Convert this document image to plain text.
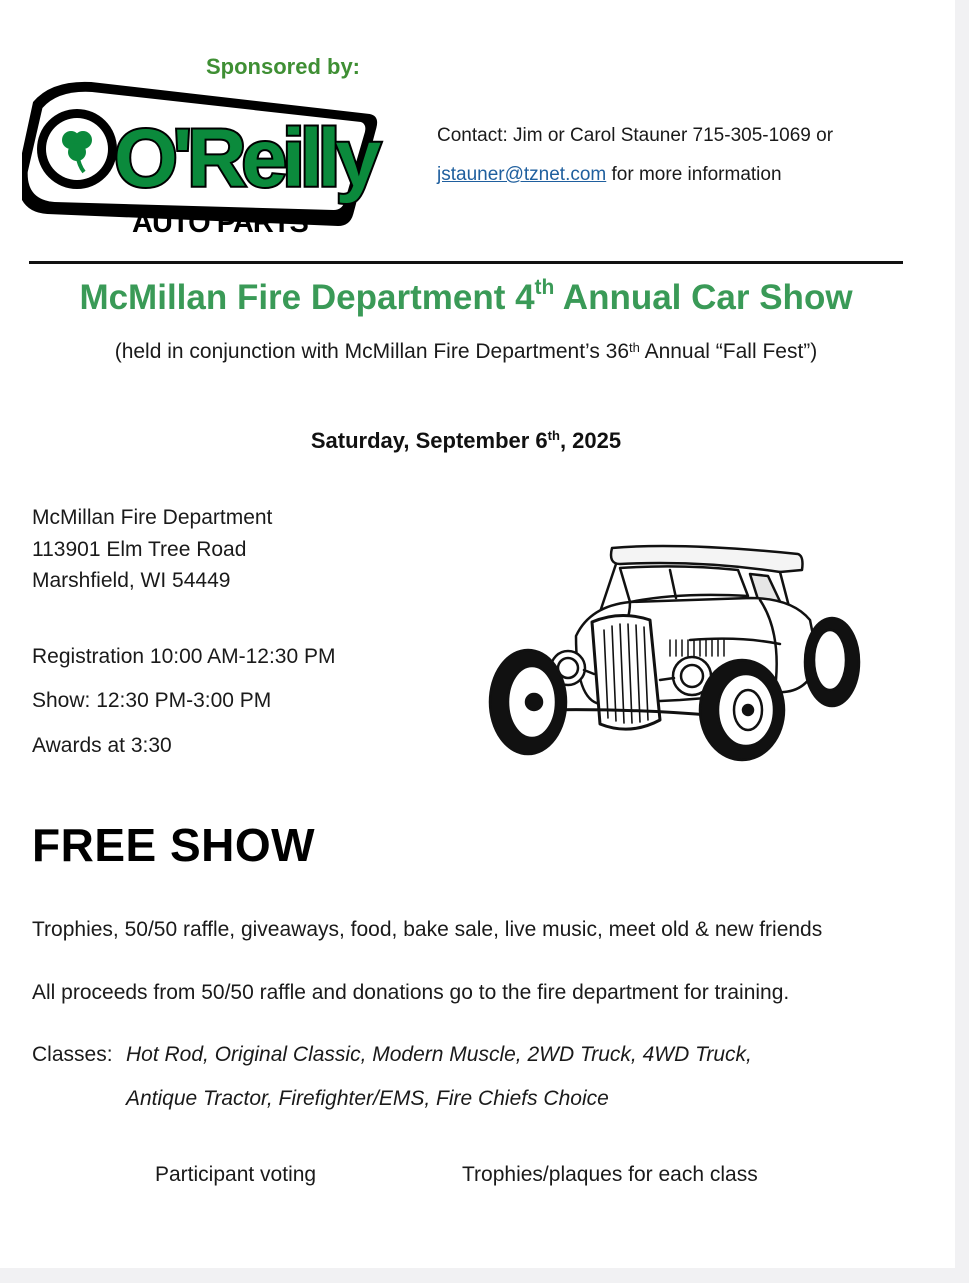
Sponsored by:
O'Reilly
AUTO PARTS
Contact: Jim or Carol Stauner 715-305-1069 or
jstauner@tznet.com for more information
McMillan Fire Department 4th Annual Car Show
(held in conjunction with McMillan Fire Department’s 36th Annual “Fall Fest”)
Saturday, September 6th, 2025
McMillan Fire Department
113901 Elm Tree Road
Marshfield, WI 54449
Registration 10:00 AM-12:30 PM
Show: 12:30 PM-3:00 PM
Awards at 3:30
FREE SHOW
Trophies, 50/50 raffle, giveaways, food, bake sale, live music, meet old & new friends
All proceeds from 50/50 raffle and donations go to the fire department for training.
Classes: Hot Rod, Original Classic, Modern Muscle, 2WD Truck, 4WD Truck,
Antique Tractor, Firefighter/EMS, Fire Chiefs Choice
Participant voting	Trophies/plaques for each class
